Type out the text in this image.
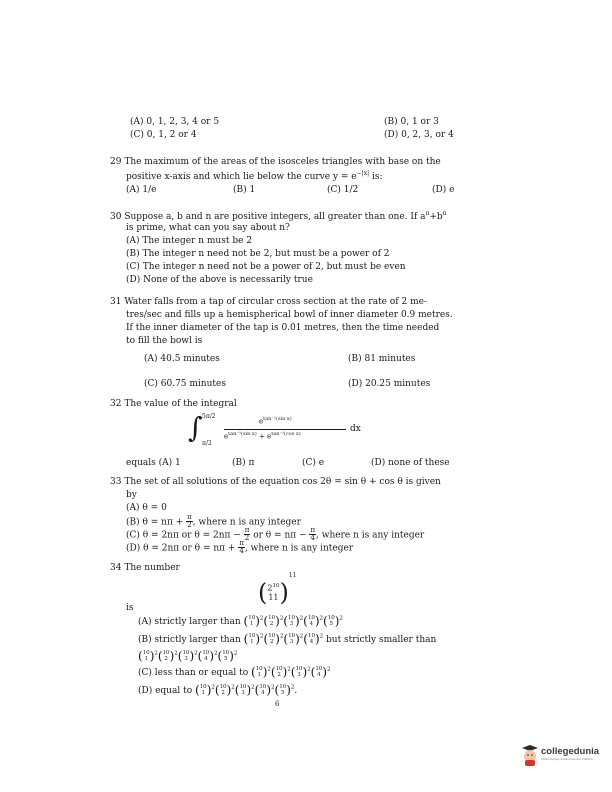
(A) 0, 1, 2, 3, 4 or 5	(B) 0, 1 or 3
(C) 0, 1, 2 or 4	(D) 0, 2, 3, or 4
29 The maximum of the areas of the isosceles triangles with base on the
positive x-axis and which lie below the curve $y = e^{-|x|}$ is:
(A) 1/e	(B) 1	(C) 1/2	(D) e
30 Suppose a, b and n are positive integers, all greater than one. If $a^n+b^n$
is prime, what can you say about n?
(A) The integer n must be 2
(B) The integer n need not be 2, but must be a power of 2
(C) The integer n need not be a power of 2, but must be even
(D) None of the above is necessarily true
31 Water falls from a tap of circular cross section at the rate of 2 me-
tres/sec and fills up a hemispherical bowl of inner diameter 0.9 metres.
If the inner diameter of the tap is 0.01 metres, then the time needed
to fill the bowl is
(A) 40.5 minutes	(B) 81 minutes
(C) 60.75 minutes	(D) 20.25 minutes
32 The value of the integral
∫ 5π/2
π/2
$e^{tan^{-1}(sin x)}$
$e^{tan^{-1}(sin x)} + e^{tan^{-1}(cos x)}$	dx
equals (A) 1	(B) π	(C) e	(D) none of these
33 The set of all solutions of the equation cos 2θ = sin θ + cos θ is given
by
(A) θ = 0
(B) $\theta = n\pi + \frac{\pi}{2}$ , where n is any integer
(C) θ = 2nπ or $\theta = 2n\pi - \frac{\pi}{2}$ or $\theta = n\pi - \frac{\pi}{4}$ , where n is any integer
(D) θ = 2nπ or $\theta = n\pi + \frac{\pi}{4}$ , where n is any integer
34 The number
( $2^{10}$
11 )$^{11}$
is
(A) strictly larger than ( 10
1 )$^2$( 10
2 )$^2$( 10
3 )$^2$( 10
4 )$^2$( 10
5 )$^2$
(B) strictly larger than ( 10
1 )$^2$( 10
2 )$^2$( 10
3 )$^2$( 10
4 )$^2$ but strictly smaller than
( 10
1 )$^2$( 10
2 )$^2$( 10
3 )$^2$( 10
4 )$^2$( 10
5 )$^2$
(C) less than or equal to ( 10
1 )$^2$( 10
2 )$^2$( 10
3 )$^2$( 10
4 )$^2$
(D) equal to ( 10
1 )$^2$( 10
2 )$^2$( 10
3 )$^2$( 10
4 )$^2$( 10
5 )$^2$.
6
collegedunia
India's largest Student Review Platform
